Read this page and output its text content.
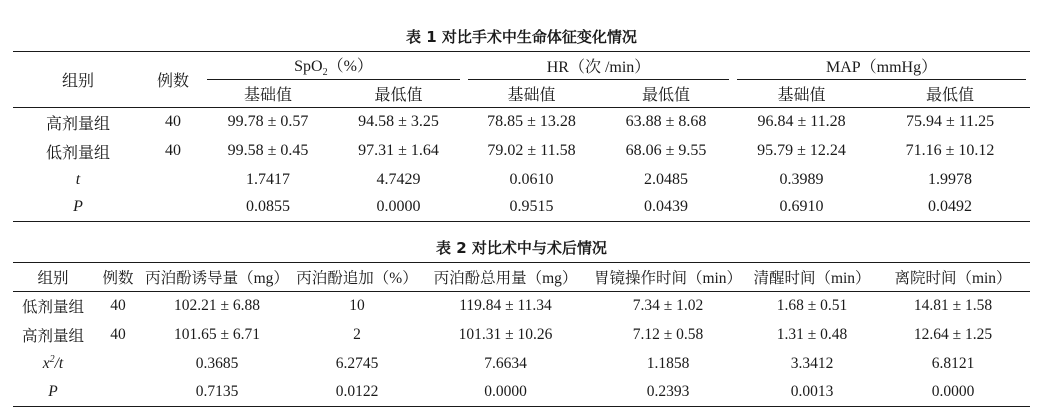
表 1 对比手术中生命体征变化情况
组别	例数	SpO$_2$（%）		HR（次 /min）		MAP（mmHg）	
		基础值	最低值	基础值	最低值	基础值	最低值
高剂量组	40	99.78 ± 0.57	94.58 ± 3.25	78.85 ± 13.28	63.88 ± 8.68	96.84 ± 11.28	75.94 ± 11.25
低剂量组	40	99.58 ± 0.45	97.31 ± 1.64	79.02 ± 11.58	68.06 ± 9.55	95.79 ± 12.24	71.16 ± 10.12
t		1.7417	4.7429	0.0610	2.0485	0.3989	1.9978
P		0.0855	0.0000	0.9515	0.0439	0.6910	0.0492
表 2 对比术中与术后情况
组别	例数	丙泊酚诱导量（mg）	丙泊酚追加（%）	丙泊酚总用量（mg）	胃镜操作时间（min）	清醒时间（min）	离院时间（min）
低剂量组	40	102.21 ± 6.88	10	119.84 ± 11.34	7.34 ± 1.02	1.68 ± 0.51	14.81 ± 1.58
高剂量组	40	101.65 ± 6.71	2	101.31 ± 10.26	7.12 ± 0.58	1.31 ± 0.48	12.64 ± 1.25
$x^2/t$		0.3685	6.2745	7.6634	1.1858	3.3412	6.8121
P		0.7135	0.0122	0.0000	0.2393	0.0013	0.0000
